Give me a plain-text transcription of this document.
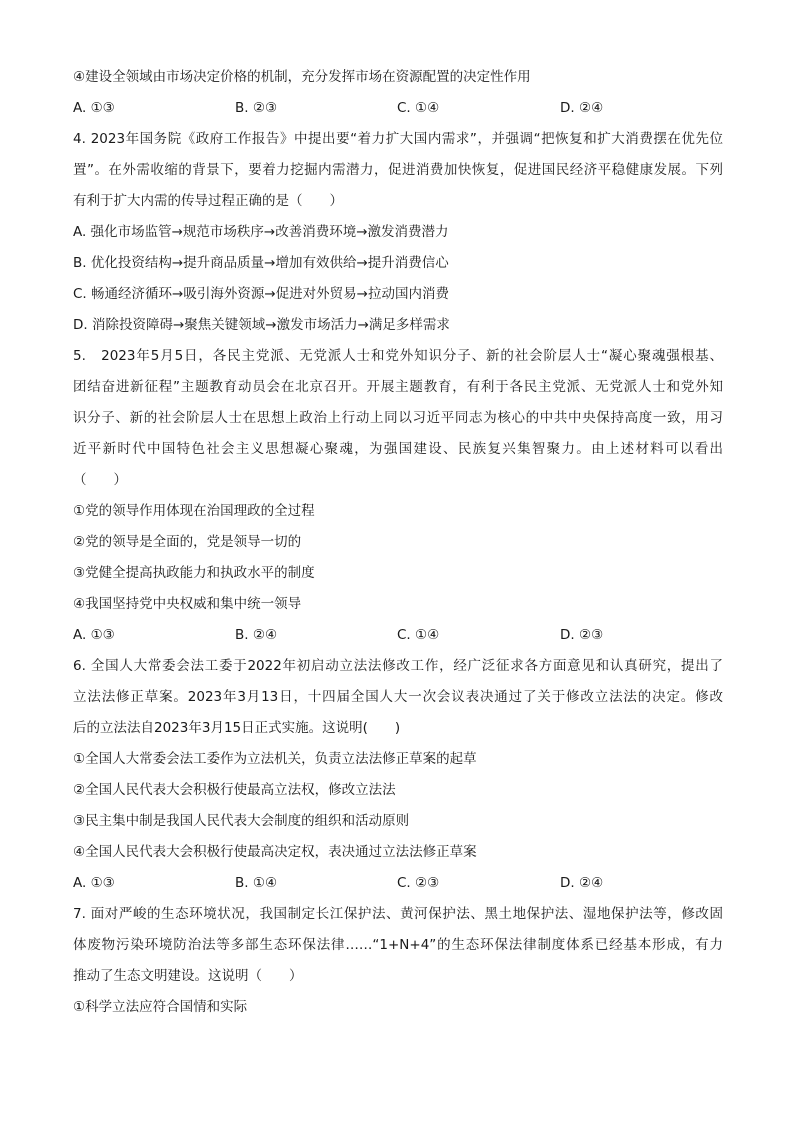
④建设全领域由市场决定价格的机制，充分发挥市场在资源配置的决定性作用
A. ①③	B. ②③	C. ①④	D. ②④
4. 2023年国务院《政府工作报告》中提出要“着力扩大国内需求”，并强调“把恢复和扩大消费摆在优先位
置”。在外需收缩的背景下，要着力挖掘内需潜力，促进消费加快恢复，促进国民经济平稳健康发展。下列
有利于扩大内需的传导过程正确的是（　　）
A. 强化市场监管→规范市场秩序→改善消费环境→激发消费潜力
B. 优化投资结构→提升商品质量→增加有效供给→提升消费信心
C. 畅通经济循环→吸引海外资源→促进对外贸易→拉动国内消费
D. 消除投资障碍→聚焦关键领域→激发市场活力→满足多样需求
5.　2023年5月5日，各民主党派、无党派人士和党外知识分子、新的社会阶层人士“凝心聚魂强根基、
团结奋进新征程”主题教育动员会在北京召开。开展主题教育，有利于各民主党派、无党派人士和党外知
识分子、新的社会阶层人士在思想上政治上行动上同以习近平同志为核心的中共中央保持高度一致，用习
近平新时代中国特色社会主义思想凝心聚魂，为强国建设、民族复兴集智聚力。由上述材料可以看出
（　　）
①党的领导作用体现在治国理政的全过程
②党的领导是全面的，党是领导一切的
③党健全提高执政能力和执政水平的制度
④我国坚持党中央权威和集中统一领导
A. ①③	B. ②④	C. ①④	D. ②③
6. 全国人大常委会法工委于2022年初启动立法法修改工作，经广泛征求各方面意见和认真研究，提出了
立法法修正草案。2023年3月13日，十四届全国人大一次会议表决通过了关于修改立法法的决定。修改
后的立法法自2023年3月15日正式实施。这说明(　　)
①全国人大常委会法工委作为立法机关，负责立法法修正草案的起草
②全国人民代表大会积极行使最高立法权，修改立法法
③民主集中制是我国人民代表大会制度的组织和活动原则
④全国人民代表大会积极行使最高决定权，表决通过立法法修正草案
A. ①③	B. ①④	C. ②③	D. ②④
7. 面对严峻的生态环境状况，我国制定长江保护法、黄河保护法、黑土地保护法、湿地保护法等，修改固
体废物污染环境防治法等多部生态环保法律……“1+N+4”的生态环保法律制度体系已经基本形成，有力
推动了生态文明建设。这说明（　　）
①科学立法应符合国情和实际
